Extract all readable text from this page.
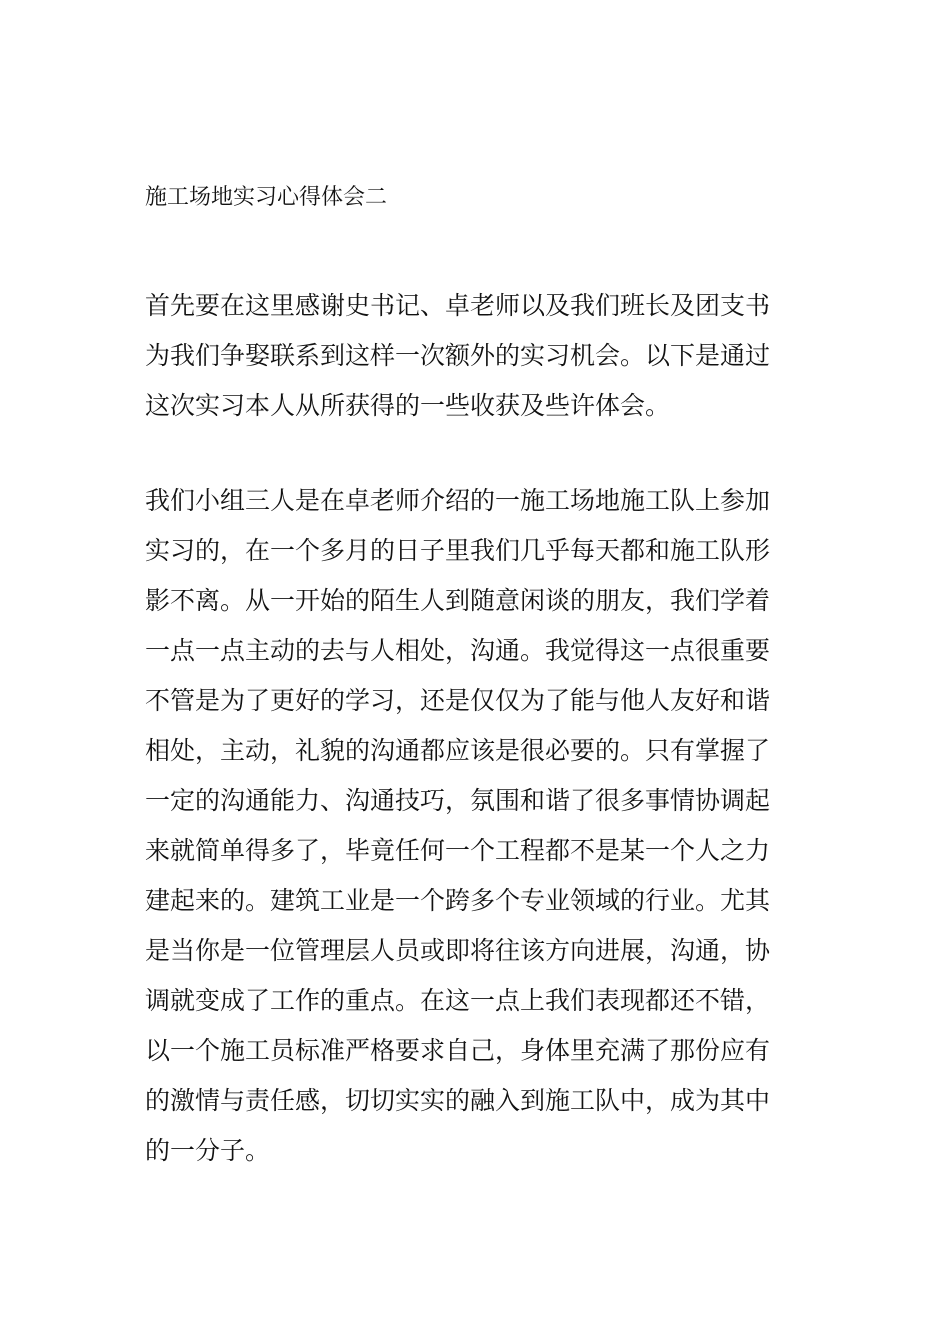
施工场地实习心得体会二
首先要在这里感谢史书记、卓老师以及我们班长及团支书
为我们争娶联系到这样一次额外的实习机会。以下是通过
这次实习本人从所获得的一些收获及些许体会。
我们小组三人是在卓老师介绍的一施工场地施工队上参加
实习的，在一个多月的日子里我们几乎每天都和施工队形
影不离。从一开始的陌生人到随意闲谈的朋友，我们学着
一点一点主动的去与人相处，沟通。我觉得这一点很重要
不管是为了更好的学习，还是仅仅为了能与他人友好和谐
相处，主动，礼貌的沟通都应该是很必要的。只有掌握了
一定的沟通能力、沟通技巧，氛围和谐了很多事情协调起
来就简单得多了，毕竟任何一个工程都不是某一个人之力
建起来的。建筑工业是一个跨多个专业领域的行业。尤其
是当你是一位管理层人员或即将往该方向进展，沟通，协
调就变成了工作的重点。在这一点上我们表现都还不错，
以一个施工员标准严格要求自己，身体里充满了那份应有
的激情与责任感，切切实实的融入到施工队中，成为其中
的一分子。
